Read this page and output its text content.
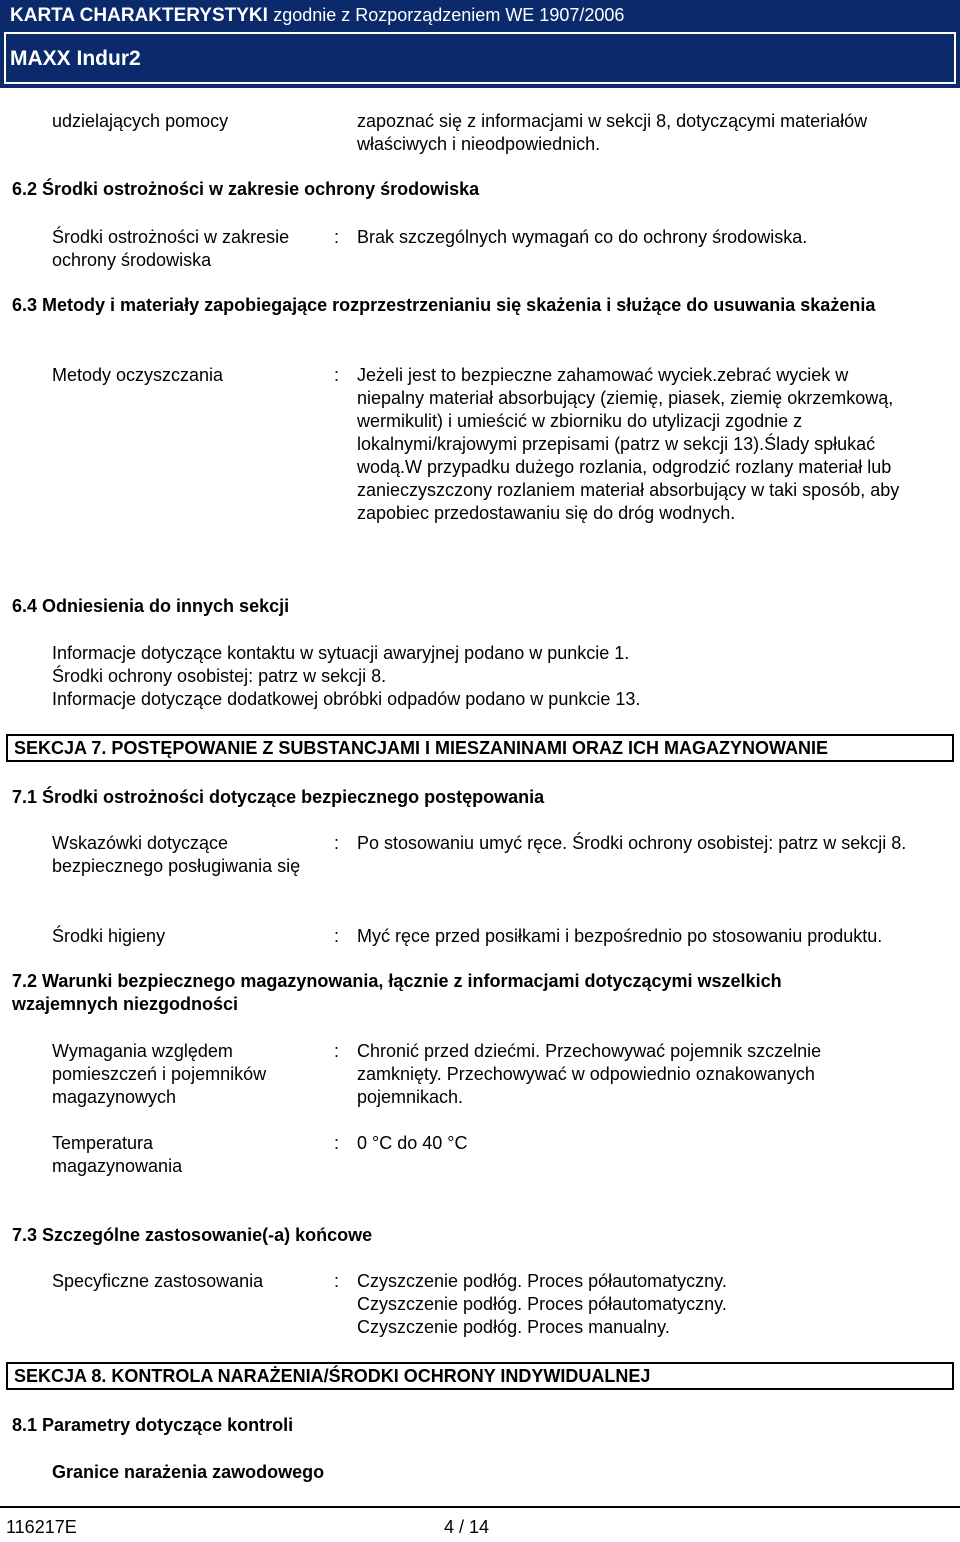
KARTA CHARAKTERYSTYKI zgodnie z Rozporządzeniem WE 1907/2006
MAXX Indur2
udzielających pomocy	zapoznać się z informacjami w sekcji 8, dotyczącymi materiałów właściwych i nieodpowiednich.
6.2 Środki ostrożności w zakresie ochrony środowiska
Środki ostrożności w zakresie ochrony środowiska
: Brak szczególnych wymagań co do ochrony środowiska.
6.3 Metody i materiały zapobiegające rozprzestrzenianiu się skażenia i służące do usuwania skażenia
Metody oczyszczania	: Jeżeli jest to bezpieczne zahamować wyciek.zebrać wyciek w niepalny materiał absorbujący (ziemię, piasek, ziemię okrzemkową, wermikulit) i umieścić w zbiorniku do utylizacji zgodnie z lokalnymi/krajowymi przepisami (patrz w sekcji 13).Ślady spłukać wodą.W przypadku dużego rozlania, odgrodzić rozlany materiał lub zanieczyszczony rozlaniem materiał absorbujący w taki sposób, aby zapobiec przedostawaniu się do dróg wodnych.
6.4 Odniesienia do innych sekcji
Informacje dotyczące kontaktu w sytuacji awaryjnej podano w punkcie 1.
Środki ochrony osobistej: patrz w sekcji 8.
Informacje dotyczące dodatkowej obróbki odpadów podano w punkcie 13.
SEKCJA 7. POSTĘPOWANIE Z SUBSTANCJAMI I MIESZANINAMI ORAZ ICH MAGAZYNOWANIE
7.1 Środki ostrożności dotyczące bezpiecznego postępowania
Wskazówki dotyczące bezpiecznego posługiwania się
: Po stosowaniu umyć ręce. Środki ochrony osobistej: patrz w sekcji 8.
Środki higieny	: Myć ręce przed posiłkami i bezpośrednio po stosowaniu produktu.
7.2 Warunki bezpiecznego magazynowania, łącznie z informacjami dotyczącymi wszelkich wzajemnych niezgodności
Wymagania względem pomieszczeń i pojemników magazynowych
: Chronić przed dziećmi. Przechowywać pojemnik szczelnie zamknięty. Przechowywać w odpowiednio oznakowanych pojemnikach.
Temperatura magazynowania
: 0 °C do 40 °C
7.3 Szczególne zastosowanie(-a) końcowe
Specyficzne zastosowania	: Czyszczenie podłóg. Proces półautomatyczny.
Czyszczenie podłóg. Proces półautomatyczny.
Czyszczenie podłóg. Proces manualny.
SEKCJA 8. KONTROLA NARAŻENIA/ŚRODKI OCHRONY INDYWIDUALNEJ
8.1 Parametry dotyczące kontroli
Granice narażenia zawodowego
116217E	4 / 14
